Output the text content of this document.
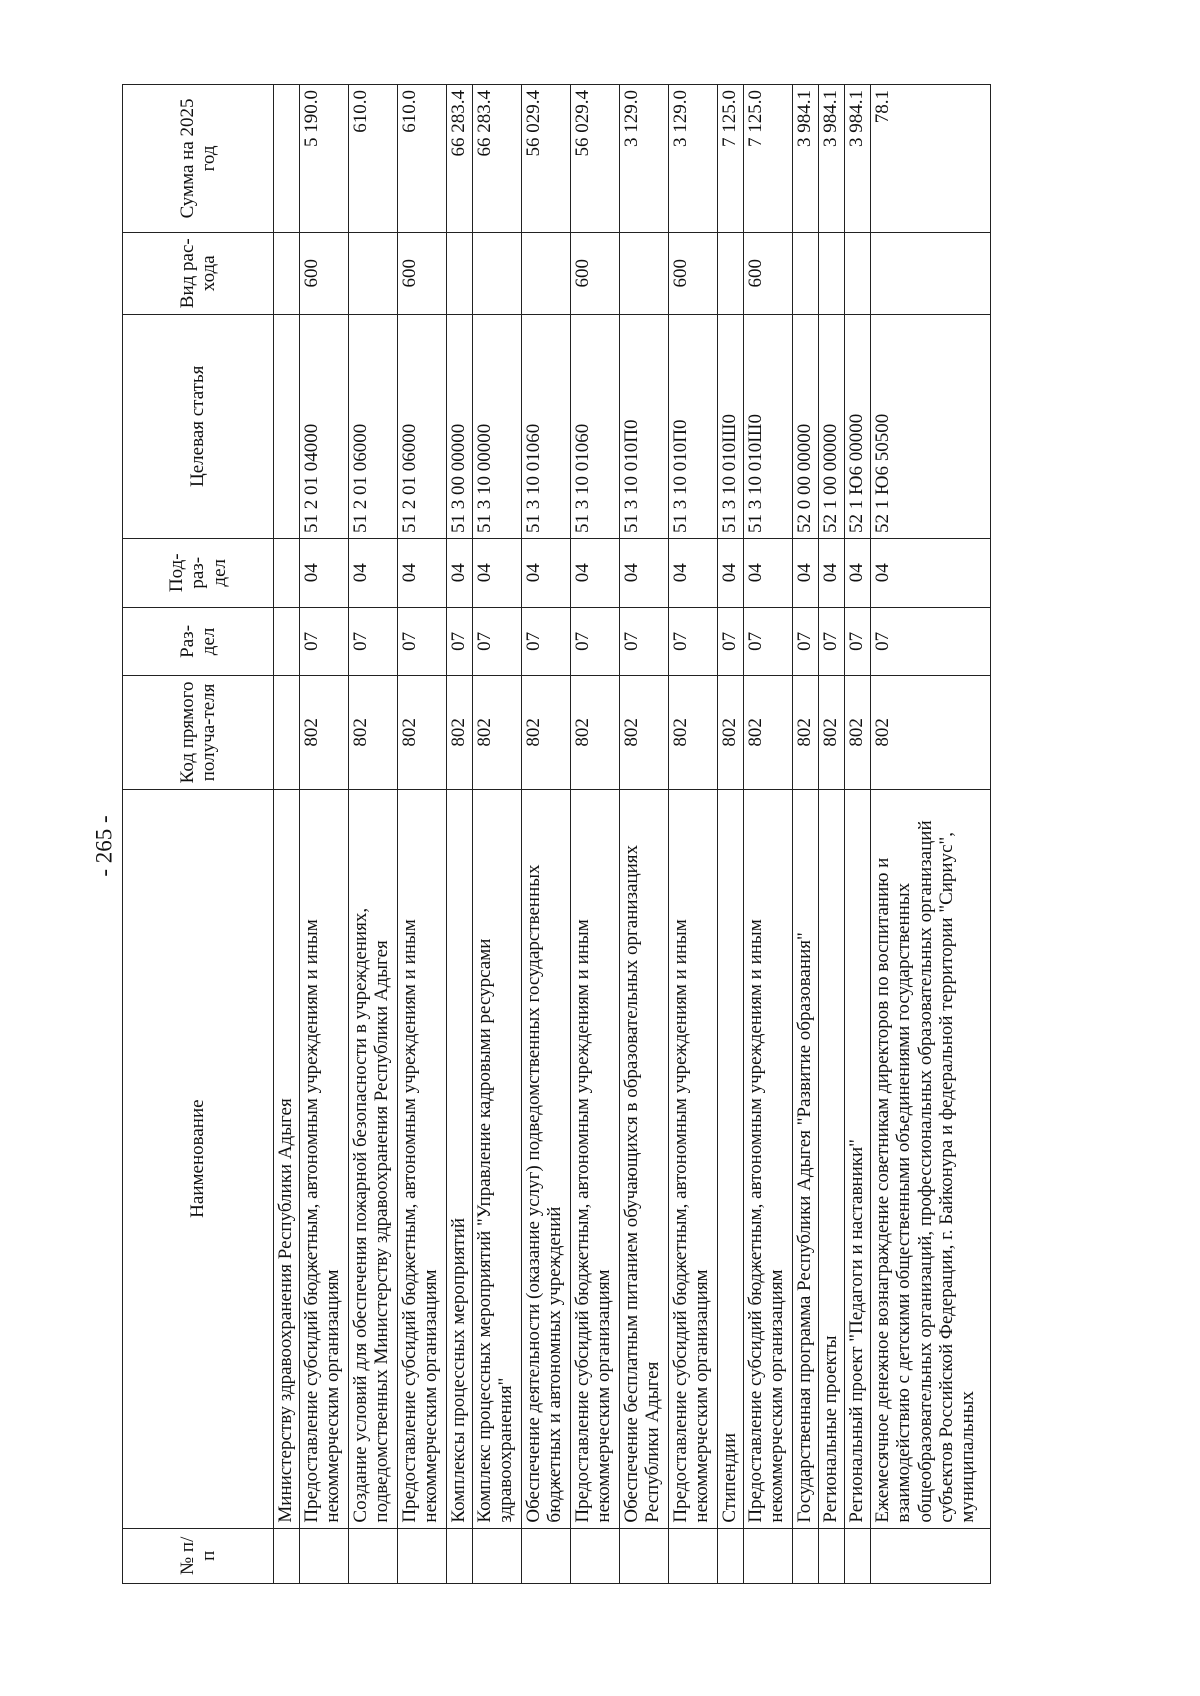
- 265 -
№ п/п	Наименование	Код прямого получа-теля	Раз-дел	Под-раз-дел	Целевая статья	Вид рас-хода	Сумма на 2025 год
	Министерству здравоохранения Республики Адыгея						
	Предоставление субсидий бюджетным, автономным учреждениям и иным некоммерческим организациям	802	07	04	51 2 01 04000	600	5 190.0
	Создание условий для обеспечения пожарной безопасности в учреждениях, подведомственных Министерству здравоохранения Республики Адыгея	802	07	04	51 2 01 06000		610.0
	Предоставление субсидий бюджетным, автономным учреждениям и иным некоммерческим организациям	802	07	04	51 2 01 06000	600	610.0
	Комплексы процессных мероприятий	802	07	04	51 3 00 00000		66 283.4
	Комплекс процессных мероприятий "Управление кадровыми ресурсами здравоохранения"	802	07	04	51 3 10 00000		66 283.4
	Обеспечение деятельности (оказание услуг) подведомственных государственных бюджетных и автономных учреждений	802	07	04	51 3 10 01060		56 029.4
	Предоставление субсидий бюджетным, автономным учреждениям и иным некоммерческим организациям	802	07	04	51 3 10 01060	600	56 029.4
	Обеспечение бесплатным питанием обучающихся в образовательных организациях Республики Адыгея	802	07	04	51 3 10 010П0		3 129.0
	Предоставление субсидий бюджетным, автономным учреждениям и иным некоммерческим организациям	802	07	04	51 3 10 010П0	600	3 129.0
	Стипендии	802	07	04	51 3 10 010Ш0		7 125.0
	Предоставление субсидий бюджетным, автономным учреждениям и иным некоммерческим организациям	802	07	04	51 3 10 010Ш0	600	7 125.0
	Государственная программа Республики Адыгея "Развитие образования"	802	07	04	52 0 00 00000		3 984.1
	Региональные проекты	802	07	04	52 1 00 00000		3 984.1
	Региональный проект "Педагоги и наставники"	802	07	04	52 1 Ю6 00000		3 984.1
	Ежемесячное денежное вознаграждение советникам директоров по воспитанию и взаимодействию с детскими общественными объединениями государственных общеобразовательных организаций, профессиональных образовательных организаций субъектов Российской Федерации, г. Байконура и федеральной территории "Сириус", муниципальных	802	07	04	52 1 Ю6 50500		78.1
